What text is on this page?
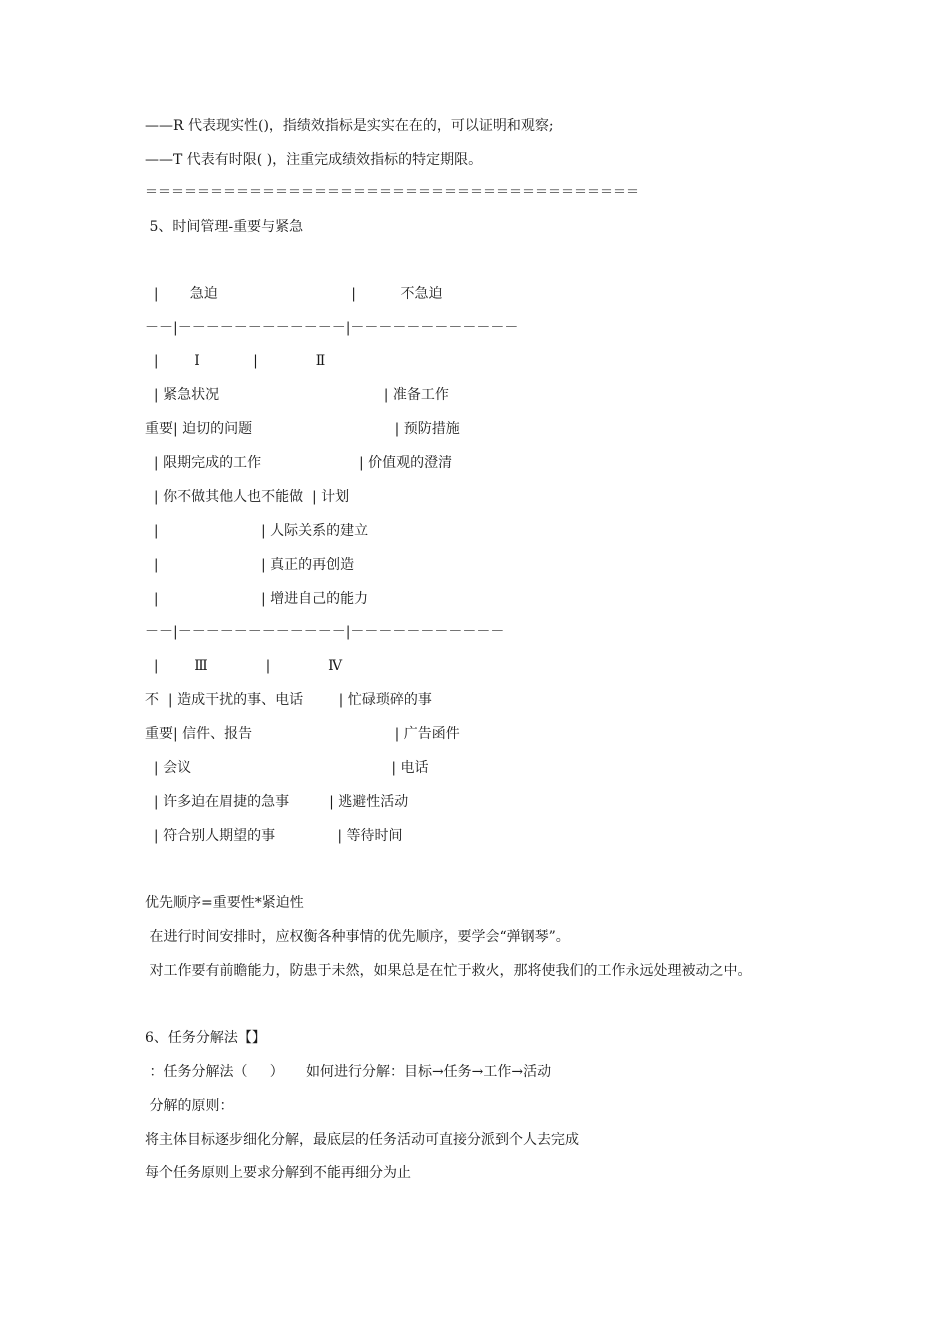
——R 代表现实性()，指绩效指标是实实在在的，可以证明和观察;
——T 代表有时限( )，注重完成绩效指标的特定期限。
＝＝＝＝＝＝＝＝＝＝＝＝＝＝＝＝＝＝＝＝＝＝＝＝＝＝＝＝＝＝＝＝＝＝＝＝＝＝
5、时间管理-重要与紧急
|       急迫                              |          不急迫
－－|－－－－－－－－－－－－|－－－－－－－－－－－－
|        Ⅰ            |             Ⅱ
| 紧急状况                                     | 准备工作
重要| 迫切的问题                                | 预防措施
| 限期完成的工作                      | 价值观的澄清
| 你不做其他人也不能做  | 计划
|                       | 人际关系的建立
|                       | 真正的再创造
|                       | 增进自己的能力
－－|－－－－－－－－－－－－|－－－－－－－－－－－
|        Ⅲ             |             Ⅳ
不  | 造成干扰的事、电话        | 忙碌琐碎的事
重要| 信件、报告                                | 广告函件
| 会议                                             | 电话
| 许多迫在眉捷的急事         | 逃避性活动
| 符合别人期望的事              | 等待时间
优先顺序=重要性*紧迫性
在进行时间安排时，应权衡各种事情的优先顺序，要学会“弹钢琴”。
对工作要有前瞻能力，防患于未然，如果总是在忙于救火，那将使我们的工作永远处理被动之中。
6、任务分解法【】
：任务分解法（     ）     如何进行分解：目标→任务→工作→活动
分解的原则：
将主体目标逐步细化分解，最底层的任务活动可直接分派到个人去完成
每个任务原则上要求分解到不能再细分为止
